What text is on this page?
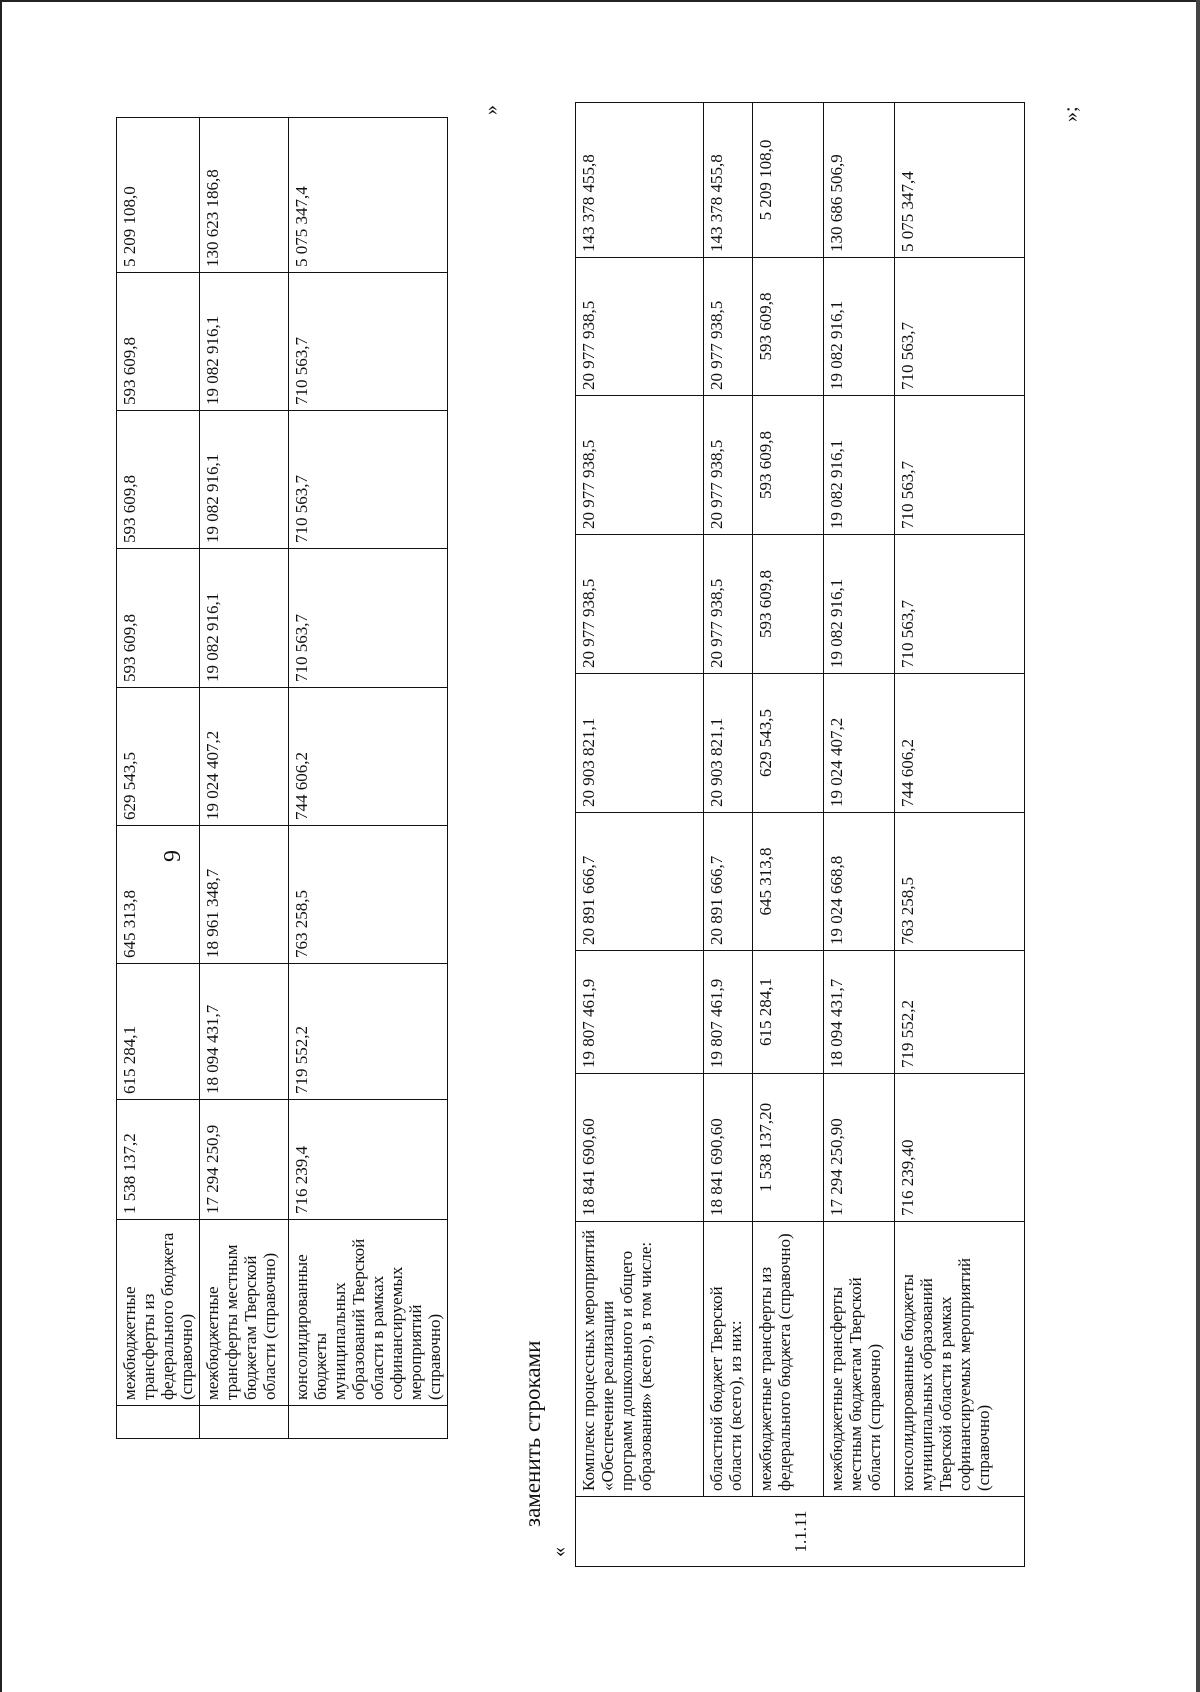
9
	межбюджетные трансферты из федерального бюджета (справочно)	1 538 137,2	615 284,1	645 313,8	629 543,5	593 609,8	593 609,8	593 609,8	5 209 108,0
	межбюджетные трансферты местным бюджетам Тверской области (справочно)	17 294 250,9	18 094 431,7	18 961 348,7	19 024 407,2	19 082 916,1	19 082 916,1	19 082 916,1	130 623 186,8
	консолидированные бюджеты муниципальных образований Тверской области в рамках софинансируемых мероприятий (справочно)	716 239,4	719 552,2	763 258,5	744 606,2	710 563,7	710 563,7	710 563,7	5 075 347,4
»
заменить строками
«	1.1.11	Комплекс процессных мероприятий «Обеспечение реализации программ дошкольного и общего образования» (всего), в том числе:	18 841 690,60	19 807 461,9	20 891 666,7	20 903 821,1	20 977 938,5	20 977 938,5	20 977 938,5	143 378 455,8
	областной бюджет Тверской области (всего), из них:	18 841 690,60	19 807 461,9	20 891 666,7	20 903 821,1	20 977 938,5	20 977 938,5	20 977 938,5	143 378 455,8
	межбюджетные трансферты из федерального бюджета (справочно)	1 538 137,20	615 284,1	645 313,8	629 543,5	593 609,8	593 609,8	593 609,8	5 209 108,0
	межбюджетные трансферты местным бюджетам Тверской области (справочно)	17 294 250,90	18 094 431,7	19 024 668,8	19 024 407,2	19 082 916,1	19 082 916,1	19 082 916,1	130 686 506,9
	консолидированные бюджеты муниципальных образований Тверской области в рамках софинансируемых мероприятий (справочно)	716 239,40	719 552,2	763 258,5	744 606,2	710 563,7	710 563,7	710 563,7	5 075 347,4
»;
